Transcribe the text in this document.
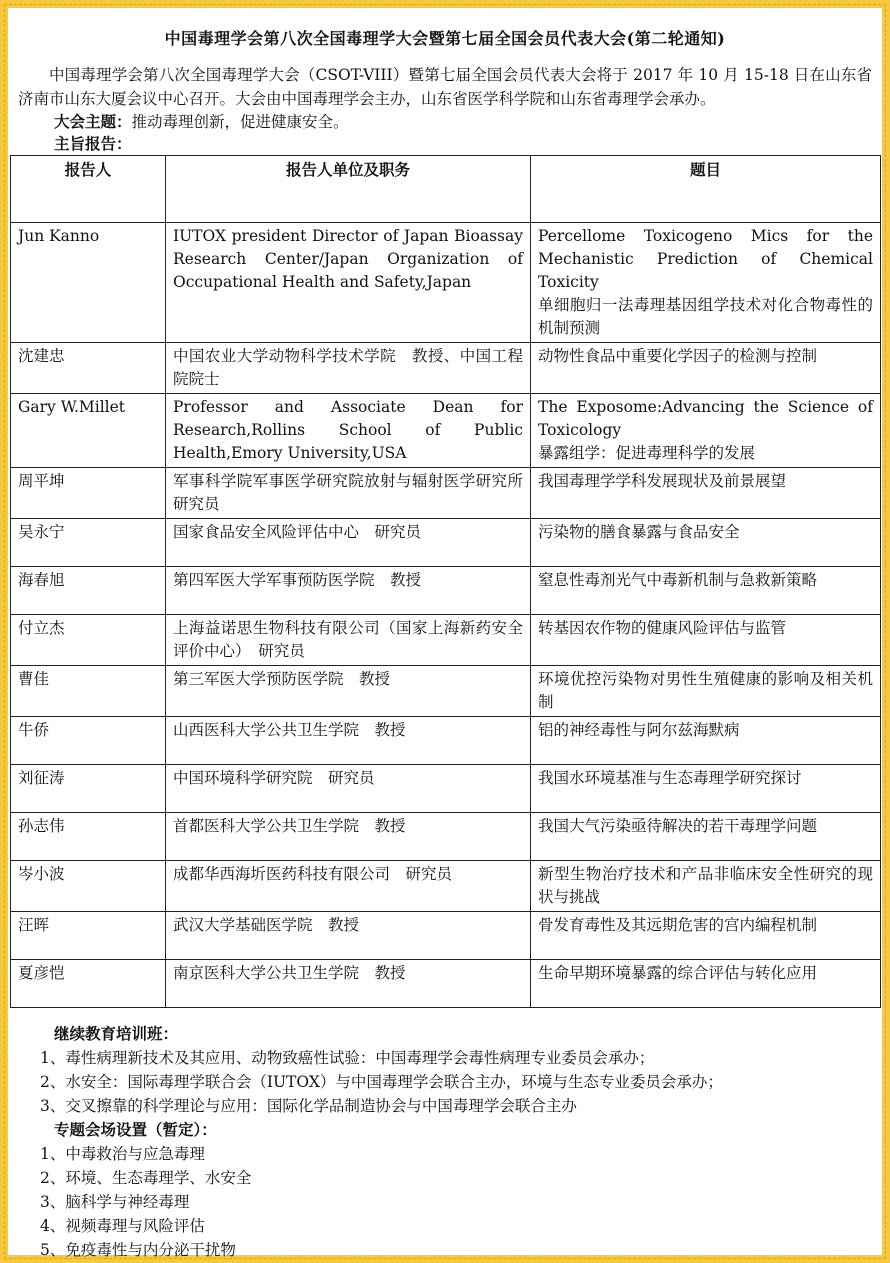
中国毒理学会第八次全国毒理学大会暨第七届全国会员代表大会(第二轮通知)

中国毒理学会第八次全国毒理学大会（CSOT-VIII）暨第七届全国会员代表大会将于 2017 年 10 月 15-18 日在山东省济南市山东大厦会议中心召开。大会由中国毒理学会主办，山东省医学科学院和山东省毒理学会承办。

大会主题：推动毒理创新，促进健康安全。
主旨报告：
报告人	报告人单位及职务	题目
Jun Kanno	IUTOX president Director of Japan Bioassay Research Center/Japan Organization of Occupational Health and Safety,Japan	Percellome Toxicogeno Mics for the Mechanistic Prediction of Chemical Toxicity
单细胞归一法毒理基因组学技术对化合物毒性的机制预测

沈建忠	中国农业大学动物科学技术学院　教授、中国工程院院士	动物性食品中重要化学因子的检测与控制

Gary W.Millet	Professor and Associate Dean for Research,Rollins School of Public Health,Emory University,USA	The Exposome:Advancing the Science of Toxicology
暴露组学：促进毒理科学的发展

周平坤	军事科学院军事医学研究院放射与辐射医学研究所　研究员	我国毒理学学科发展现状及前景展望

吴永宁	国家食品安全风险评估中心　研究员	污染物的膳食暴露与食品安全

海春旭	第四军医大学军事预防医学院　教授	窒息性毒剂光气中毒新机制与急救新策略

付立杰	上海益诺思生物科技有限公司（国家上海新药安全评价中心）　研究员	转基因农作物的健康风险评估与监管

曹佳	第三军医大学预防医学院　教授	环境优控污染物对男性生殖健康的影响及相关机制

牛侨	山西医科大学公共卫生学院　教授	铝的神经毒性与阿尔兹海默病

刘征涛	中国环境科学研究院　研究员	我国水环境基准与生态毒理学研究探讨

孙志伟	首都医科大学公共卫生学院　教授	我国大气污染亟待解决的若干毒理学问题

岑小波	成都华西海圻医药科技有限公司　研究员	新型生物治疗技术和产品非临床安全性研究的现状与挑战

汪晖	武汉大学基础医学院　教授	骨发育毒性及其远期危害的宫内编程机制

夏彦恺	南京医科大学公共卫生学院　教授	生命早期环境暴露的综合评估与转化应用
继续教育培训班：
1、毒性病理新技术及其应用、动物致癌性试验：中国毒理学会毒性病理专业委员会承办；
2、水安全：国际毒理学联合会（IUTOX）与中国毒理学会联合主办，环境与生态专业委员会承办；
3、交叉擦靠的科学理论与应用：国际化学品制造协会与中国毒理学会联合主办
专题会场设置（暂定）：
1、中毒救治与应急毒理
2、环境、生态毒理学、水安全
3、脑科学与神经毒理
4、视频毒理与风险评估
5、免疫毒性与内分泌干扰物
